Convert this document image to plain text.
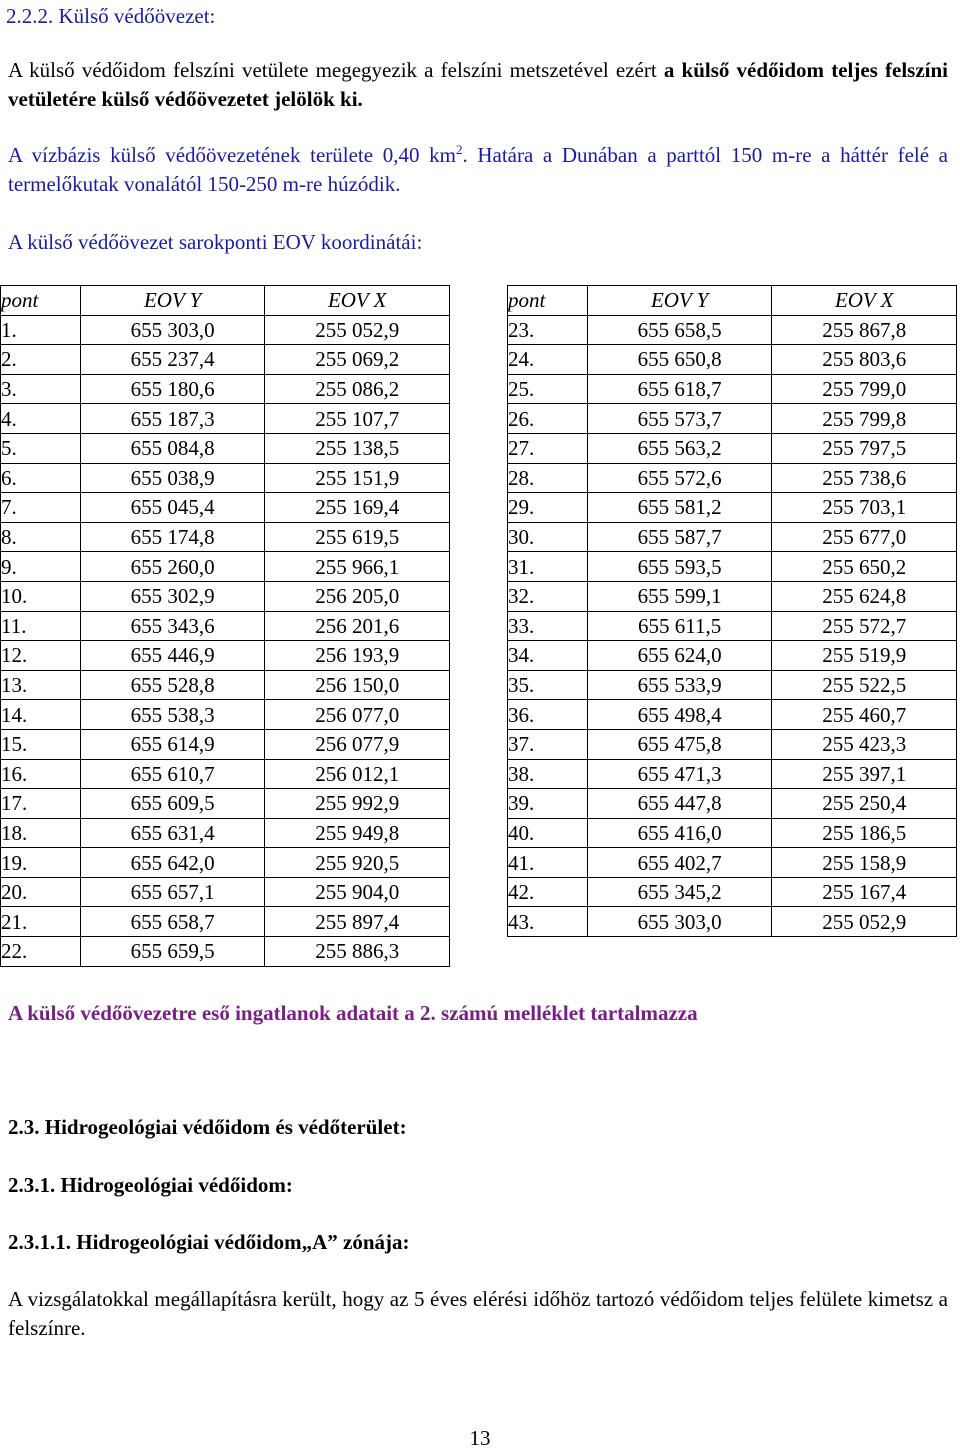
2.2.2. Külső védőövezet:
A külső védőidom felszíni vetülete megegyezik a felszíni metszetével ezért a külső védőidom teljes felszíni vetületére külső védőövezetet jelölök ki.
A vízbázis külső védőövezetének területe 0,40 $km^2$. Határa a Dunában a parttól 150 m-re a háttér felé a termelőkutak vonalától 150-250 m-re húzódik.
A külső védőövezet sarokponti EOV koordinátái:
pont	EOV Y	EOV X
1.	655 303,0	255 052,9
2.	655 237,4	255 069,2
3.	655 180,6	255 086,2
4.	655 187,3	255 107,7
5.	655 084,8	255 138,5
6.	655 038,9	255 151,9
7.	655 045,4	255 169,4
8.	655 174,8	255 619,5
9.	655 260,0	255 966,1
10.	655 302,9	256 205,0
11.	655 343,6	256 201,6
12.	655 446,9	256 193,9
13.	655 528,8	256 150,0
14.	655 538,3	256 077,0
15.	655 614,9	256 077,9
16.	655 610,7	256 012,1
17.	655 609,5	255 992,9
18.	655 631,4	255 949,8
19.	655 642,0	255 920,5
20.	655 657,1	255 904,0
21.	655 658,7	255 897,4
22.	655 659,5	255 886,3
pont	EOV Y	EOV X
23.	655 658,5	255 867,8
24.	655 650,8	255 803,6
25.	655 618,7	255 799,0
26.	655 573,7	255 799,8
27.	655 563,2	255 797,5
28.	655 572,6	255 738,6
29.	655 581,2	255 703,1
30.	655 587,7	255 677,0
31.	655 593,5	255 650,2
32.	655 599,1	255 624,8
33.	655 611,5	255 572,7
34.	655 624,0	255 519,9
35.	655 533,9	255 522,5
36.	655 498,4	255 460,7
37.	655 475,8	255 423,3
38.	655 471,3	255 397,1
39.	655 447,8	255 250,4
40.	655 416,0	255 186,5
41.	655 402,7	255 158,9
42.	655 345,2	255 167,4
43.	655 303,0	255 052,9
A külső védőövezetre eső ingatlanok adatait a 2. számú melléklet tartalmazza
2.3. Hidrogeológiai védőidom és védőterület:
2.3.1. Hidrogeológiai védőidom:
2.3.1.1. Hidrogeológiai védőidom„A” zónája:
A vizsgálatokkal megállapításra került, hogy az 5 éves elérési időhöz tartozó védőidom teljes felülete kimetsz a felszínre.
13
